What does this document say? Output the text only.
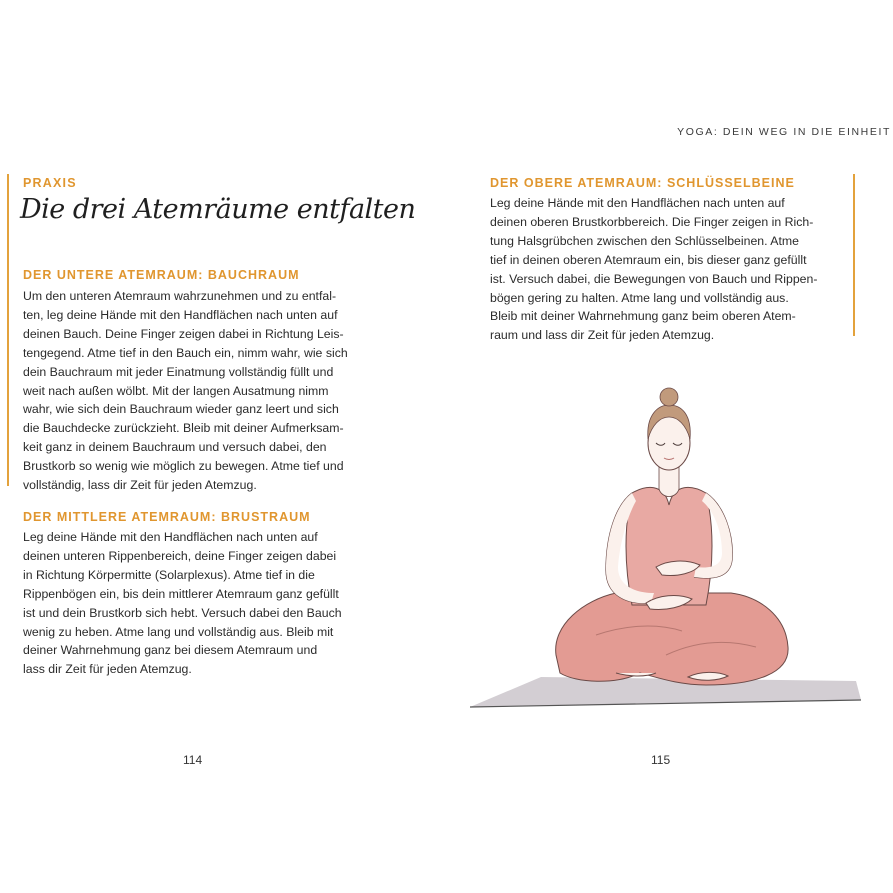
PRAXIS
Die drei Atemräume entfalten
DER UNTERE ATEMRAUM: BAUCHRAUM
Um den unteren Atemraum wahrzunehmen und zu entfal-
ten, leg deine Hände mit den Handflächen nach unten auf
deinen Bauch. Deine Finger zeigen dabei in Richtung Leis-
tengegend. Atme tief in den Bauch ein, nimm wahr, wie sich
dein Bauchraum mit jeder Einatmung vollständig füllt und
weit nach außen wölbt. Mit der langen Ausatmung nimm
wahr, wie sich dein Bauchraum wieder ganz leert und sich
die Bauchdecke zurückzieht. Bleib mit deiner Aufmerksam-
keit ganz in deinem Bauchraum und versuch dabei, den
Brustkorb so wenig wie möglich zu bewegen. Atme tief und
vollständig, lass dir Zeit für jeden Atemzug.
DER MITTLERE ATEMRAUM: BRUSTRAUM
Leg deine Hände mit den Handflächen nach unten auf
deinen unteren Rippenbereich, deine Finger zeigen dabei
in Richtung Körpermitte (Solarplexus). Atme tief in die
Rippenbögen ein, bis dein mittlerer Atemraum ganz gefüllt
ist und dein Brustkorb sich hebt. Versuch dabei den Bauch
wenig zu heben. Atme lang und vollständig aus. Bleib mit
deiner Wahrnehmung ganz bei diesem Atemraum und
lass dir Zeit für jeden Atemzug.
114
YOGA: DEIN WEG IN DIE EINHEIT
DER OBERE ATEMRAUM: SCHLÜSSELBEINE
Leg deine Hände mit den Handflächen nach unten auf
deinen oberen Brustkorbbereich. Die Finger zeigen in Rich-
tung Halsgrübchen zwischen den Schlüsselbeinen. Atme
tief in deinen oberen Atemraum ein, bis dieser ganz gefüllt
ist. Versuch dabei, die Bewegungen von Bauch und Rippen-
bögen gering zu halten. Atme lang und vollständig aus.
Bleib mit deiner Wahrnehmung ganz beim oberen Atem-
raum und lass dir Zeit für jeden Atemzug.
115
